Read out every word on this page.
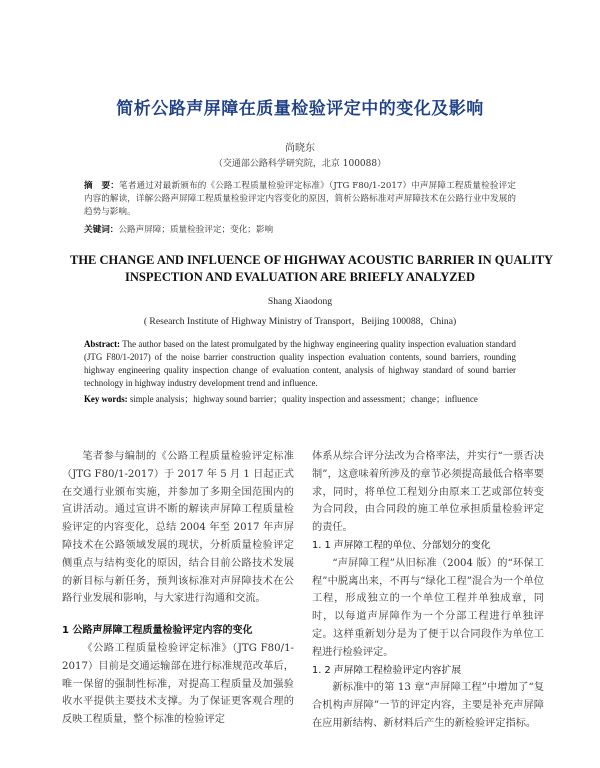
简析公路声屏障在质量检验评定中的变化及影响
尚晓东
（交通部公路科学研究院，北京 100088）
摘　要：笔者通过对最新颁布的《公路工程质量检验评定标准》（JTG F80/1-2017）中声屏障工程质量检验评定内容的解读，详解公路声屏障工程质量检验评定内容变化的原因，简析公路标准对声屏障技术在公路行业中发展的趋势与影响。
关键词：公路声屏障；质量检验评定；变化；影响
THE CHANGE AND INFLUENCE OF HIGHWAY ACOUSTIC BARRIER IN QUALITY
INSPECTION AND EVALUATION ARE BRIEFLY ANALYZED
Shang Xiaodong
( Research Institute of Highway Ministry of Transport，Beijing 100088，China)
Abstract: The author based on the latest promulgated by the highway engineering quality inspection evaluation standard (JTG F80/1-2017) of the noise barrier construction quality inspection evaluation contents, sound barriers, rounding highway engineering quality inspection change of evaluation content, analysis of highway standard of sound barrier technology in highway industry development trend and influence.
Key words: simple analysis；highway sound barrier；quality inspection and assessment；change；influence

笔者参与编制的《公路工程质量检验评定标准（JTG F80/1-2017）于 2017 年 5 月 1 日起正式在交通行业颁布实施，并参加了多期全国范围内的宣讲活动。通过宣讲不断的解读声屏障工程质量检验评定的内容变化，总结 2004 年至 2017 年声屏障技术在公路领域发展的现状，分析质量检验评定侧重点与结构变化的原因，结合目前公路技术发展的新目标与新任务，预判该标准对声屏障技术在公路行业发展和影响，与大家进行沟通和交流。

1 公路声屏障工程质量检验评定内容的变化

《公路工程质量检验评定标准》（JTG F80/1-2017）目前是交通运输部在进行标准规范改革后，唯一保留的强制性标准，对提高工程质量及加强验收水平提供主要技术支撑。为了保证更客观合理的反映工程质量，整个标准的检验评定

体系从综合评分法改为合格率法，并实行“一票否决制”，这意味着所涉及的章节必须提高最低合格率要求，同时，将单位工程划分由原来工艺或部位转变为合同段，由合同段的施工单位承担质量检验评定的责任。

1. 1 声屏障工程的单位、分部划分的变化

“声屏障工程”从旧标准（2004 版）的“环保工程”中脱离出来，不再与“绿化工程”混合为一个单位工程，形成独立的一个单位工程并单独成章，同时，以每道声屏障作为一个分部工程进行单独评定。这样重新划分是为了便于以合同段作为单位工程进行检验评定。

1. 2 声屏障工程检验评定内容扩展

新标准中的第 13 章“声屏障工程”中增加了“复合机构声屏障”一节的评定内容，主要是补充声屏障在应用新结构、新材料后产生的新检验评定指标。
